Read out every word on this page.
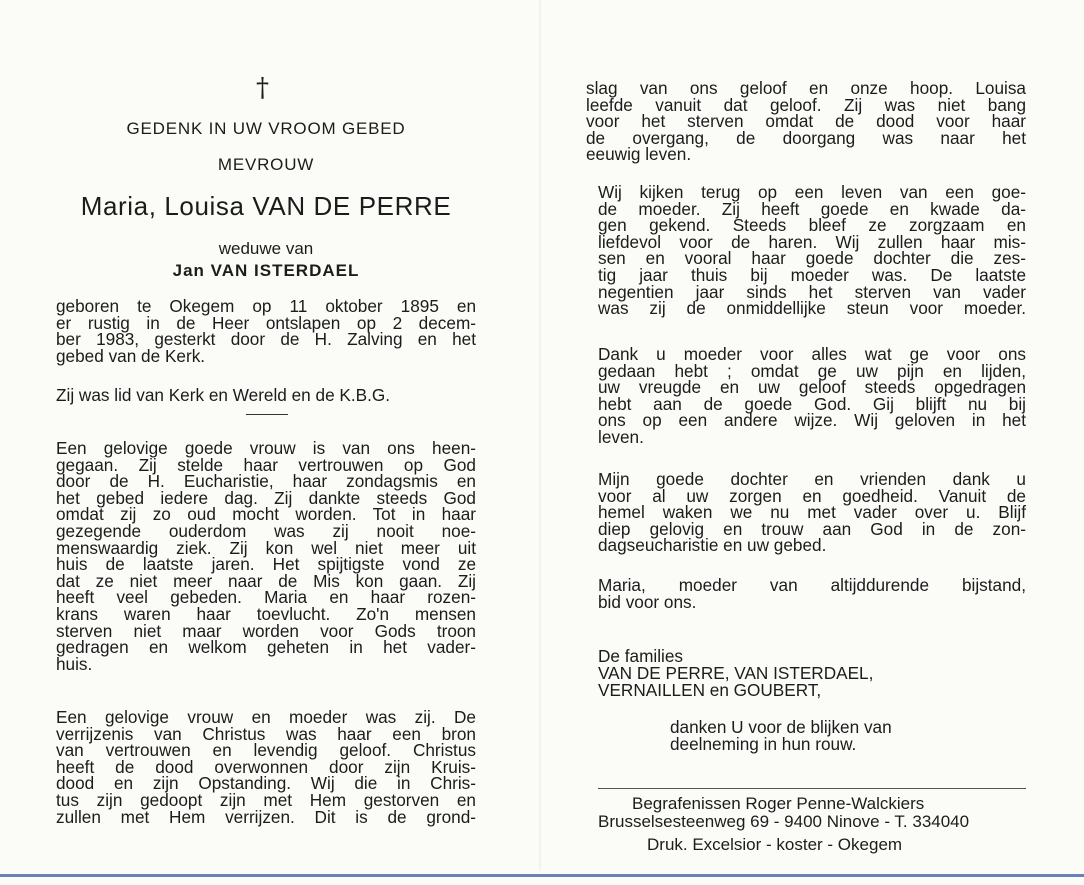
†
GEDENK IN UW VROOM GEBED
MEVROUW
Maria, Louisa VAN DE PERRE
weduwe van
Jan VAN ISTERDAEL

geboren te Okegem op 11 oktober 1895 en
er rustig in de Heer ontslapen op 2 decem-
ber 1983, gesterkt door de H. Zalving en het
gebed van de Kerk.

Zij was lid van Kerk en Wereld en de K.B.G.

Een gelovige goede vrouw is van ons heen-
gegaan. Zij stelde haar vertrouwen op God
door de H. Eucharistie, haar zondagsmis en
het gebed iedere dag. Zij dankte steeds God
omdat zij zo oud mocht worden. Tot in haar
gezegende ouderdom was zij nooit noe-
menswaardig ziek. Zij kon wel niet meer uit
huis de laatste jaren. Het spijtigste vond ze
dat ze niet meer naar de Mis kon gaan. Zij
heeft veel gebeden. Maria en haar rozen-
krans waren haar toevlucht. Zo'n mensen
sterven niet maar worden voor Gods troon
gedragen en welkom geheten in het vader-
huis.

Een gelovige vrouw en moeder was zij. De
verrijzenis van Christus was haar een bron
van vertrouwen en levendig geloof. Christus
heeft de dood overwonnen door zijn Kruis-
dood en zijn Opstanding. Wij die in Chris-
tus zijn gedoopt zijn met Hem gestorven en
zullen met Hem verrijzen. Dit is de grond-

slag van ons geloof en onze hoop. Louisa
leefde vanuit dat geloof. Zij was niet bang
voor het sterven omdat de dood voor haar
de overgang, de doorgang was naar het
eeuwig leven.

Wij kijken terug op een leven van een goe-
de moeder. Zij heeft goede en kwade da-
gen gekend. Steeds bleef ze zorgzaam en
liefdevol voor de haren. Wij zullen haar mis-
sen en vooral haar goede dochter die zes-
tig jaar thuis bij moeder was. De laatste
negentien jaar sinds het sterven van vader
was zij de onmiddellijke steun voor moeder.

Dank u moeder voor alles wat ge voor ons
gedaan hebt ; omdat ge uw pijn en lijden,
uw vreugde en uw geloof steeds opgedragen
hebt aan de goede God. Gij blijft nu bij
ons op een andere wijze. Wij geloven in het
leven.

Mijn goede dochter en vrienden dank u
voor al uw zorgen en goedheid. Vanuit de
hemel waken we nu met vader over u. Blijf
diep gelovig en trouw aan God in de zon-
dagseucharistie en uw gebed.

Maria, moeder van altijddurende bijstand,
bid voor ons.

De families
VAN DE PERRE, VAN ISTERDAEL,
VERNAILLEN en GOUBERT,
danken U voor de blijken van
deelneming in hun rouw.
Begrafenissen Roger Penne-Walckiers
Brusselsesteenweg 69 - 9400 Ninove - T. 334040
Druk. Excelsior - koster - Okegem
